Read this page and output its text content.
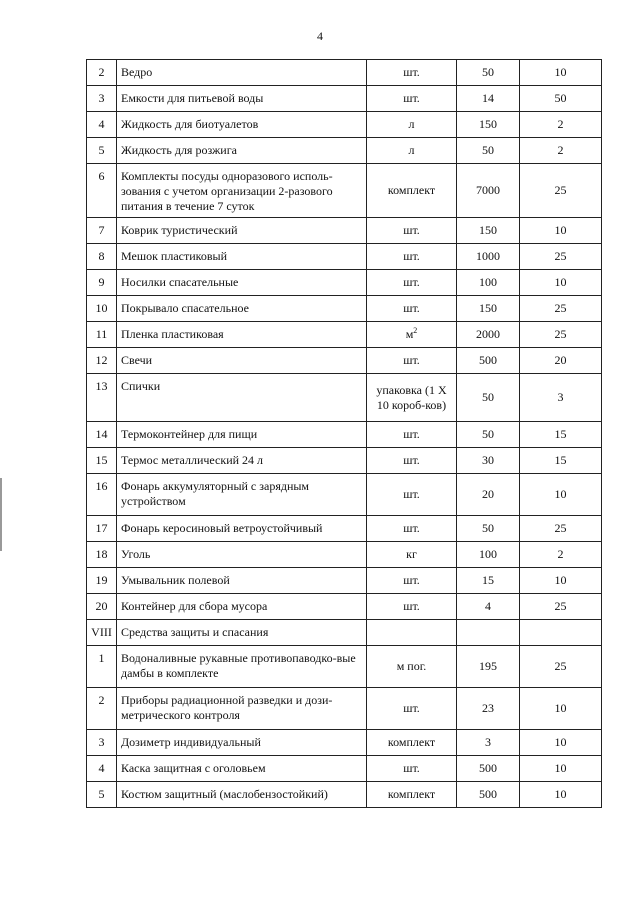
4
2	Ведро	шт.	50	10
3	Емкости для питьевой воды	шт.	14	50
4	Жидкость для биотуалетов	л	150	2
5	Жидкость для розжига	л	50	2
6	Комплекты посуды одноразового исполь-зования с учетом организации 2-разового питания в течение 7 суток	комплект	7000	25
7	Коврик туристический	шт.	150	10
8	Мешок пластиковый	шт.	1000	25
9	Носилки спасательные	шт.	100	10
10	Покрывало спасательное	шт.	150	25
11	Пленка пластиковая	$м^2$	2000	25
12	Свечи	шт.	500	20
13	Спички	упаковка (1 Х 10 короб-ков)	50	3
14	Термоконтейнер для пищи	шт.	50	15
15	Термос металлический 24 л	шт.	30	15
16	Фонарь аккумуляторный с зарядным устройством	шт.	20	10
17	Фонарь керосиновый ветроустойчивый	шт.	50	25
18	Уголь	кг	100	2
19	Умывальник полевой	шт.	15	10
20	Контейнер для сбора мусора	шт.	4	25
VIII	Средства защиты и спасания			
1	Водоналивные рукавные противопаводко-вые дамбы в комплекте	м пог.	195	25
2	Приборы радиационной разведки и дози-метрического контроля	шт.	23	10
3	Дозиметр индивидуальный	комплект	3	10
4	Каска защитная с оголовьем	шт.	500	10
5	Костюм защитный (маслобензостойкий)	комплект	500	10
